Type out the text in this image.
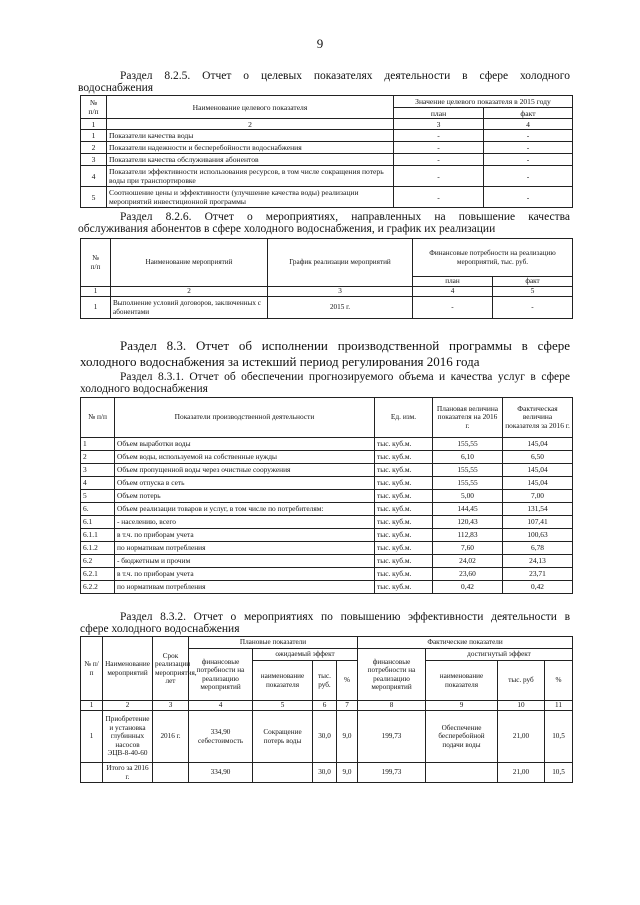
9
Раздел 8.2.5. Отчет о целевых показателях деятельности в сфере холодного
водоснабжения
№
п/п	Наименование целевого показателя	Значение целевого показателя в 2015 году	
		план	факт
1	2	3	4
1	Показатели качества воды	-	-
2	Показатели надежности и бесперебойности водоснабжения	-	-
3	Показатели качества обслуживания абонентов	-	-
4	Показатели эффективности использования ресурсов, в том числе сокращения потерь воды при транспортировке	-	-
5	Соотношение цены и эффективности (улучшение качества воды) реализации мероприятий инвестиционной программы	-	-
Раздел 8.2.6. Отчет о мероприятиях, направленных на повышение качества
обслуживания абонентов в сфере холодного водоснабжения, и график их реализации
№
п/п	Наименование мероприятий	График реализации мероприятий	Финансовые потребности на реализацию мероприятий, тыс. руб.	
			план	факт
1	2	3	4	5
1	Выполнение условий договоров, заключенных с абонентами	2015 г.	-	-
Раздел 8.3. Отчет об исполнении производственной программы в сфере
холодного водоснабжения за истекший период регулирования 2016 года
Раздел 8.3.1. Отчет об обеспечении прогнозируемого объема и качества услуг в сфере
холодного водоснабжения
№ п/п	Показатели производственной деятельности	Ед. изм.	Плановая величина показателя на 2016 г.	Фактическая величина показателя за 2016 г.
1	Объем выработки воды	тыс. куб.м.	155,55	145,04
2	Объем воды, используемой на собственные нужды	тыс. куб.м.	6,10	6,50
3	Объем пропущенной воды через очистные сооружения	тыс. куб.м.	155,55	145,04
4	Объем отпуска в сеть	тыс. куб.м.	155,55	145,04
5	Объем потерь	тыс. куб.м.	5,00	7,00
6.	Объем реализации товаров и услуг, в том числе по потребителям:	тыс. куб.м.	144,45	131,54
6.1	- населению, всего	тыс. куб.м.	120,43	107,41
6.1.1	в т.ч. по приборам учета	тыс. куб.м.	112,83	100,63
6.1.2	по нормативам потребления	тыс. куб.м.	7,60	6,78
6.2	- бюджетным и прочим	тыс. куб.м.	24,02	24,13
6.2.1	в т.ч. по приборам учета	тыс. куб.м.	23,60	23,71
6.2.2	по нормативам потребления	тыс. куб.м.	0,42	0,42
Раздел 8.3.2. Отчет о мероприятиях по повышению эффективности деятельности в
сфере холодного водоснабжения
№ п/п	Наименование мероприятий	Срок реализации мероприятия, лет	Плановые показатели				Фактические показатели			
			финансовые потребности на реализацию мероприятий	ожидаемый эффект			финансовые потребности на реализацию мероприятий	достигнутый эффект		
				наименование показателя	тыс. руб.	%		наименование показателя	тыс. руб	%
1	2	3	4	5	6	7	8	9	10	11
1	Приобретение и установка глубинных насосов ЭЦВ-8-40-60	2016 г.	334,90 себестоимость	Сокращение потерь воды	30,0	9,0	199,73	Обеспечение бесперебойной подачи воды	21,00	10,5
	Итого за 2016 г.		334,90		30,0	9,0	199,73		21,00	10,5
